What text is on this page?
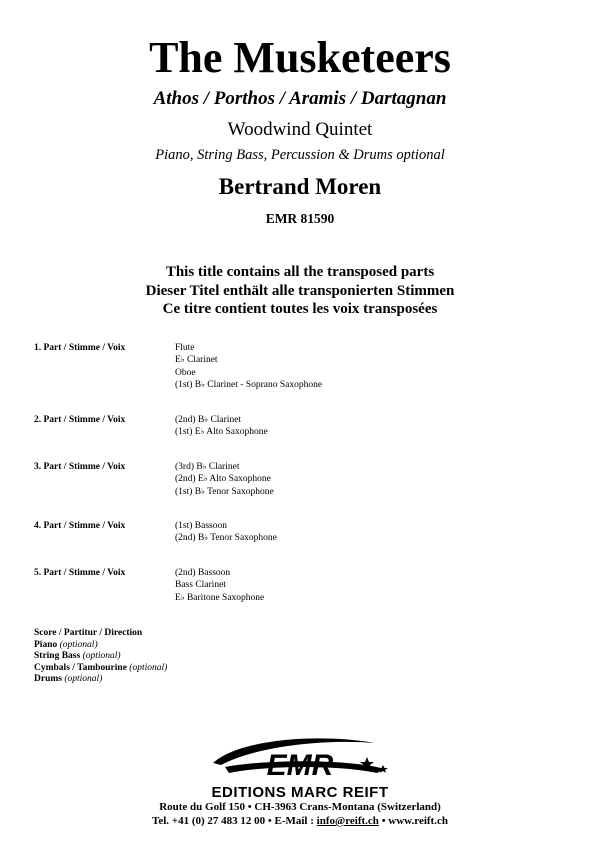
The Musketeers
Athos / Porthos / Aramis / Dartagnan
Woodwind Quintet
Piano, String Bass, Percussion & Drums optional
Bertrand Moren
EMR 81590
This title contains all the transposed parts
Dieser Titel enthält alle transponierten Stimmen
Ce titre contient toutes les voix transposées
1. Part / Stimme / Voix	Flute
E♭ Clarinet
Oboe
(1st) B♭ Clarinet - Soprano Saxophone
2. Part / Stimme / Voix	(2nd) B♭ Clarinet
(1st) E♭ Alto Saxophone
3. Part / Stimme / Voix	(3rd) B♭ Clarinet
(2nd) E♭ Alto Saxophone
(1st) B♭ Tenor Saxophone
4. Part / Stimme / Voix	(1st) Bassoon
(2nd) B♭ Tenor Saxophone
5. Part / Stimme / Voix	(2nd) Bassoon
Bass Clarinet
E♭ Baritone Saxophone
Score / Partitur / Direction
Piano (optional)
String Bass (optional)
Cymbals / Tambourine (optional)
Drums (optional)
EMR
EDITIONS MARC REIFT
Route du Golf 150 • CH-3963 Crans-Montana (Switzerland)
Tel. +41 (0) 27 483 12 00 • E-Mail : info@reift.ch • www.reift.ch
